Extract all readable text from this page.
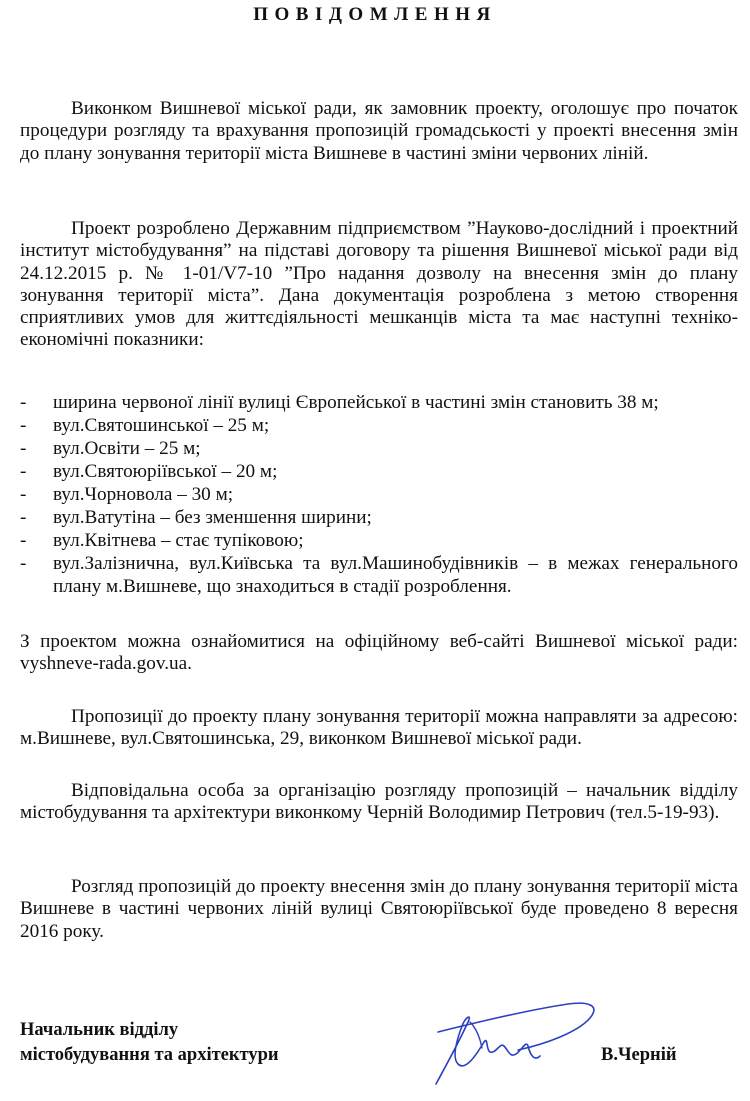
ПОВІДОМЛЕННЯ

Виконком Вишневої міської ради, як замовник проекту, оголошує про початок процедури розгляду та врахування пропозицій громадськості у проекті внесення змін до плану зонування території міста Вишневе в частині зміни червоних ліній.

Проект розроблено Державним підприємством ”Науково-дослідний і проектний інститут містобудування” на підставі договору та рішення Вишневої міської ради від 24.12.2015 р. № 1-01/V7-10 ”Про надання дозволу на внесення змін до плану зонування території міста”. Дана документація розроблена з метою створення сприятливих умов для життєдіяльності мешканців міста та має наступні техніко-економічні показники:

- ширина червоної лінії вулиці Європейської в частині змін становить 38 м;
- вул.Святошинської – 25 м;
- вул.Освіти – 25 м;
- вул.Святоюріївської – 20 м;
- вул.Чорновола – 30 м;
- вул.Ватутіна – без зменшення ширини;
- вул.Квітнева – стає тупіковою;
- вул.Залізнична, вул.Київська та вул.Машинобудівників – в межах генерального плану м.Вишневе, що знаходиться в стадії розроблення.

З проектом можна ознайомитися на офіційному веб-сайті Вишневої міської ради: vyshneve-rada.gov.ua.

Пропозиції до проекту плану зонування території можна направляти за адресою: м.Вишневе, вул.Святошинська, 29, виконком Вишневої міської ради.

Відповідальна особа за організацію розгляду пропозицій – начальник відділу містобудування та архітектури виконкому Черній Володимир Петрович (тел.5-19-93).

Розгляд пропозицій до проекту внесення змін до плану зонування території міста Вишневе в частині червоних ліній вулиці Святоюріївської буде проведено 8 вересня 2016 року.

Начальник відділу
містобудування та архітектури	В.Черній
